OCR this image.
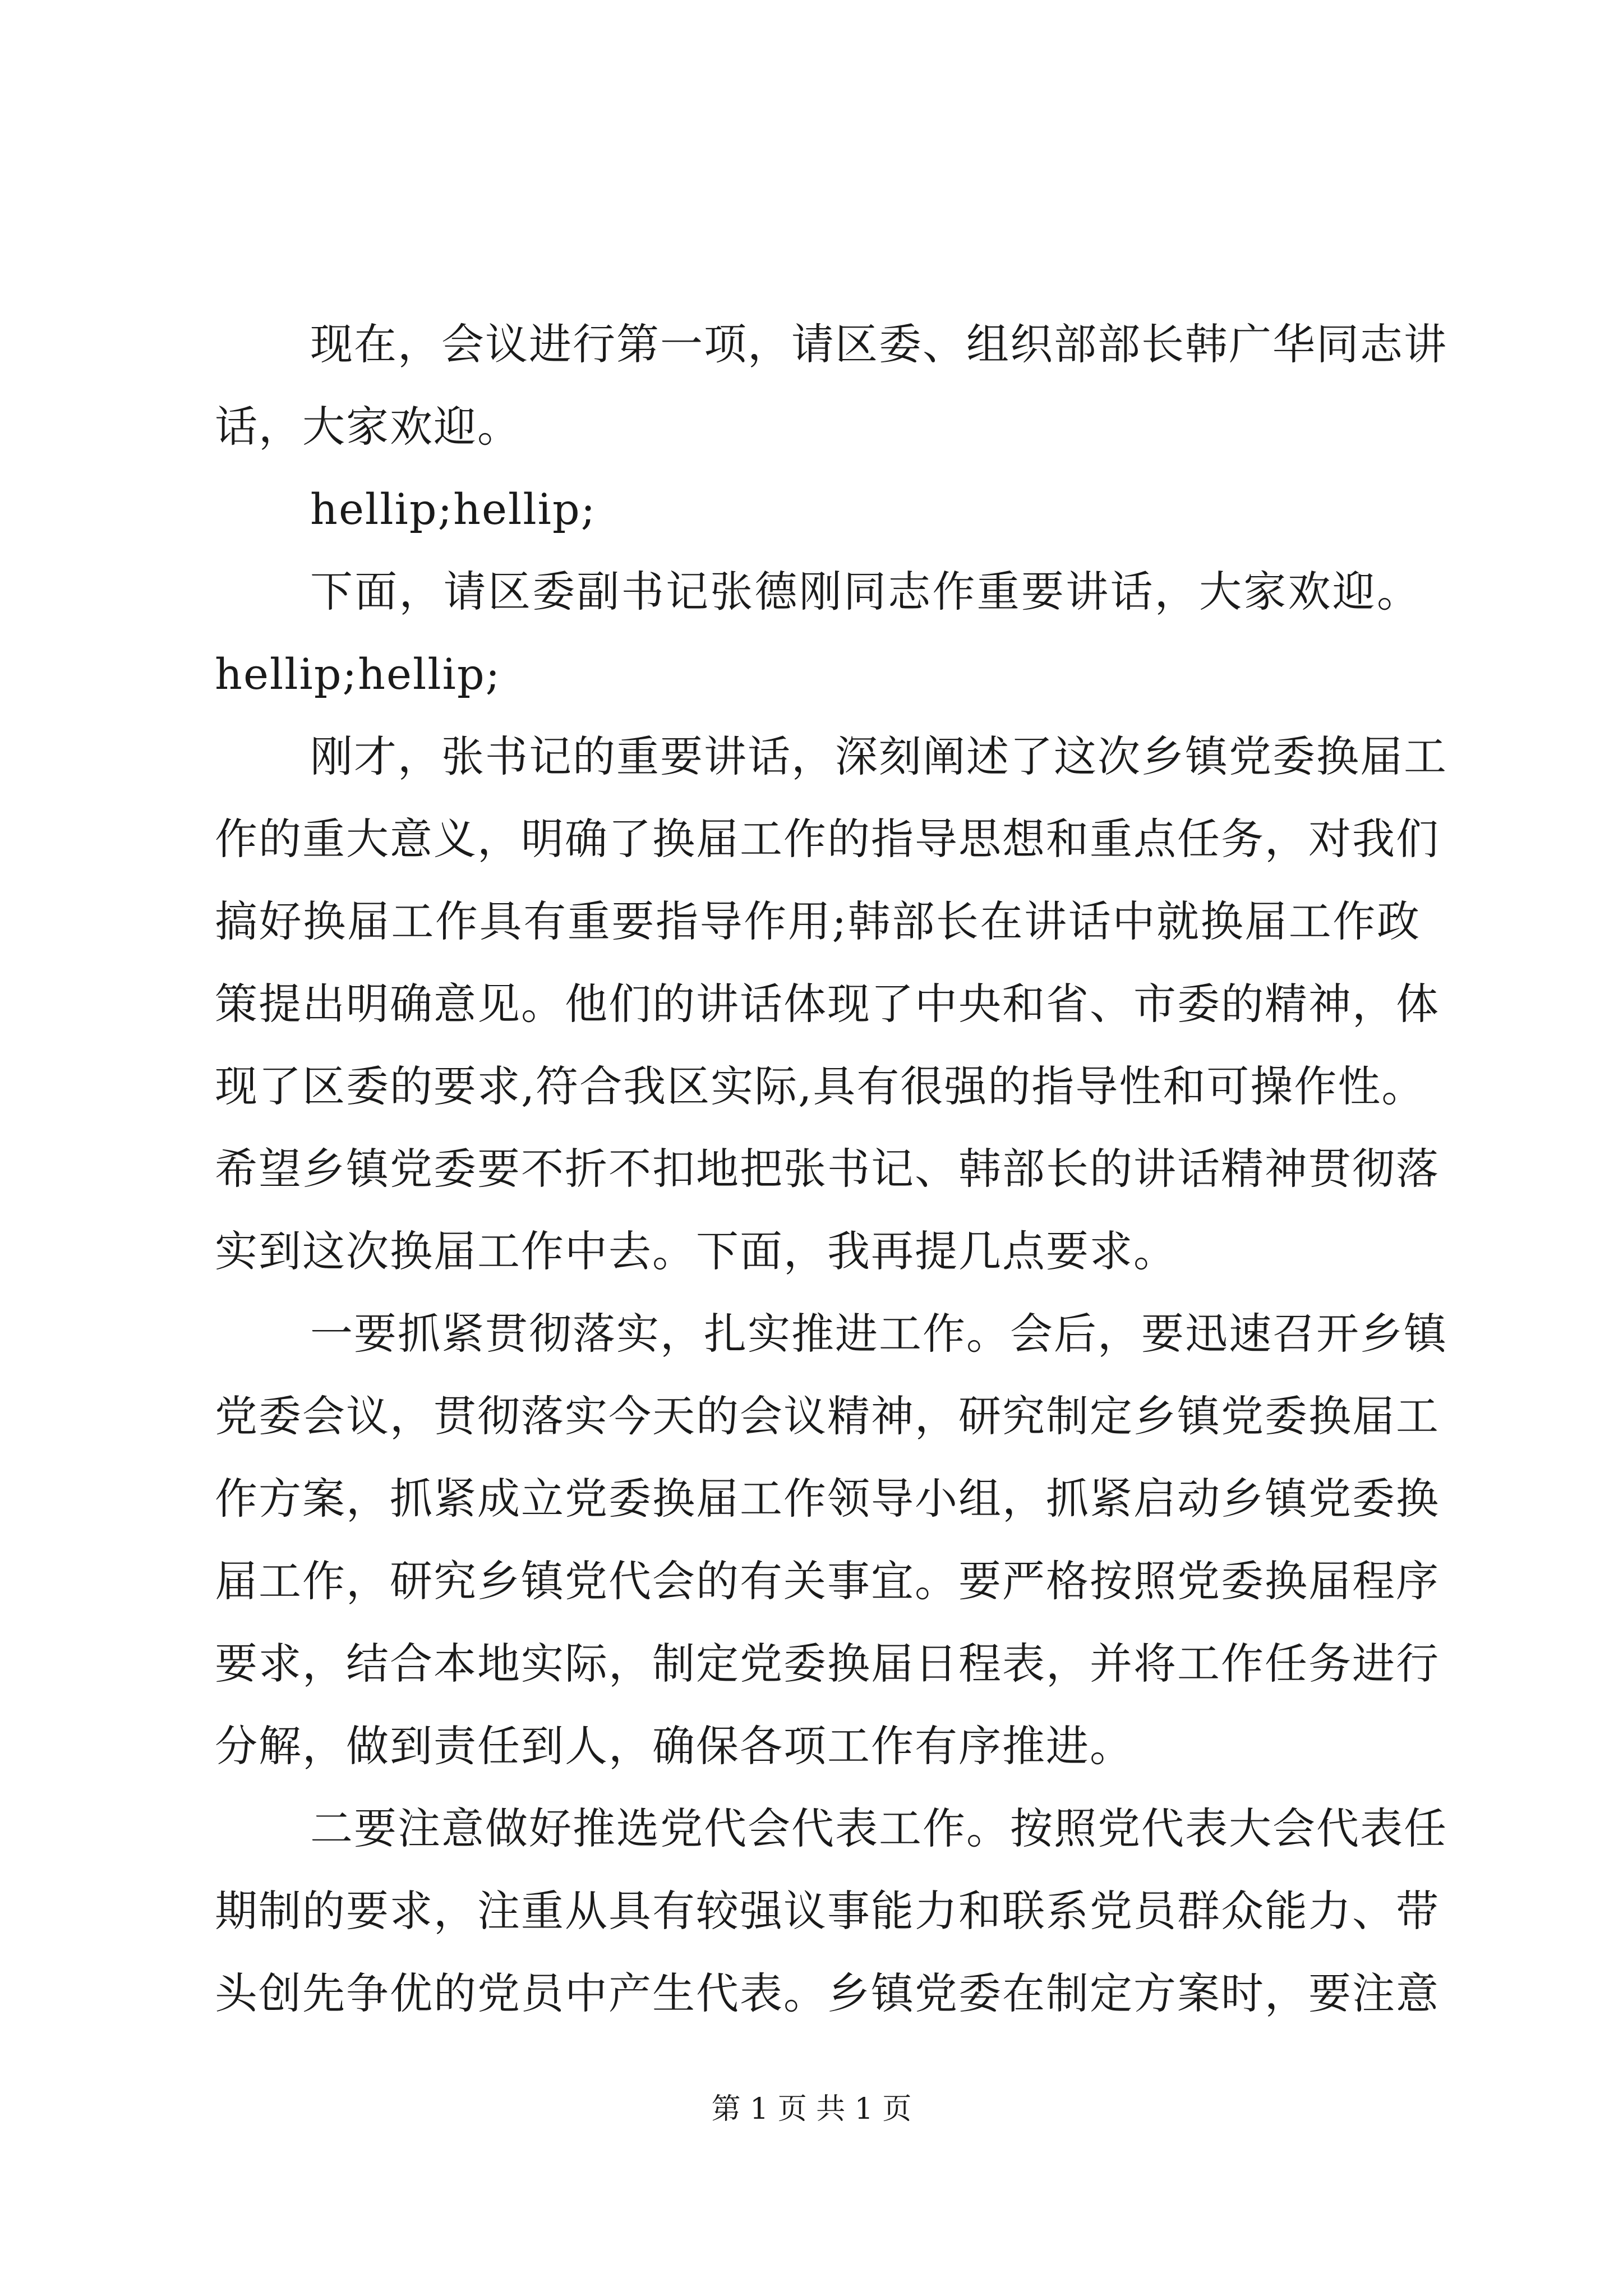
现在，会议进行第一项，请区委、组织部部长韩广华同志讲
话，大家欢迎。
hellip;hellip;
下面，请区委副书记张德刚同志作重要讲话，大家欢迎。
hellip;hellip;
刚才，张书记的重要讲话，深刻阐述了这次乡镇党委换届工
作的重大意义，明确了换届工作的指导思想和重点任务，对我们
搞好换届工作具有重要指导作用;韩部长在讲话中就换届工作政
策提出明确意见。他们的讲话体现了中央和省、市委的精神，体
现了区委的要求,符合我区实际,具有很强的指导性和可操作性。
希望乡镇党委要不折不扣地把张书记、韩部长的讲话精神贯彻落
实到这次换届工作中去。下面，我再提几点要求。
一要抓紧贯彻落实，扎实推进工作。会后，要迅速召开乡镇
党委会议，贯彻落实今天的会议精神，研究制定乡镇党委换届工
作方案，抓紧成立党委换届工作领导小组，抓紧启动乡镇党委换
届工作，研究乡镇党代会的有关事宜。要严格按照党委换届程序
要求，结合本地实际，制定党委换届日程表，并将工作任务进行
分解，做到责任到人，确保各项工作有序推进。
二要注意做好推选党代会代表工作。按照党代表大会代表任
期制的要求，注重从具有较强议事能力和联系党员群众能力、带
头创先争优的党员中产生代表。乡镇党委在制定方案时，要注意
第 1 页 共 1 页
